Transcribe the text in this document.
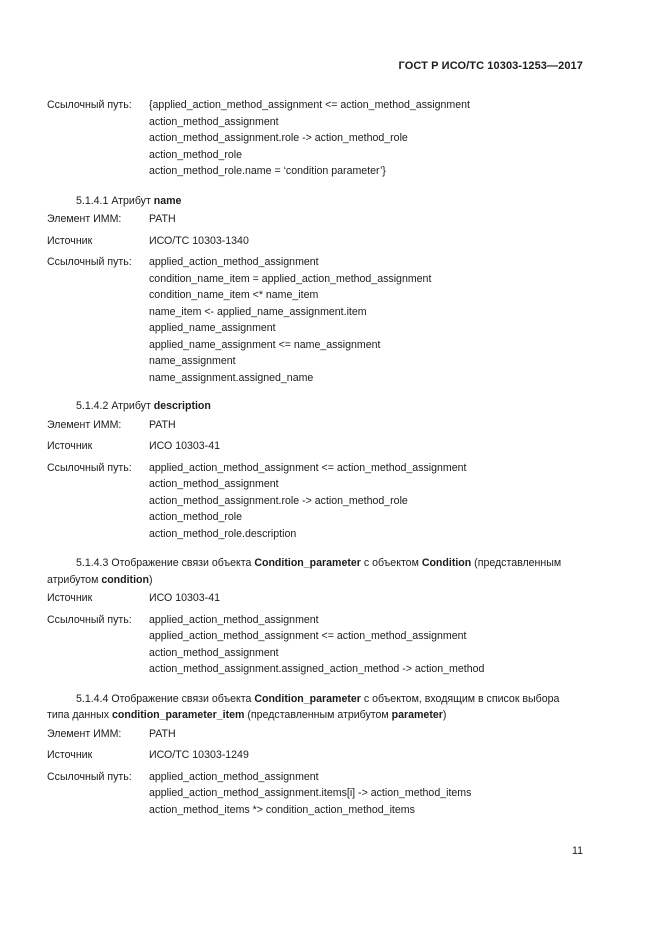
ГОСТ Р ИСО/ТС 10303-1253—2017
Ссылочный путь:	{applied_action_method_assignment <= action_method_assignment
action_method_assignment
action_method_assignment.role -> action_method_role
action_method_role
action_method_role.name = ‘condition parameter’}
5.1.4.1 Атрибут name
Элемент ИММ:	PATH
Источник	ИСО/ТС 10303-1340
Ссылочный путь:	applied_action_method_assignment
condition_name_item = applied_action_method_assignment
condition_name_item <* name_item
name_item <- applied_name_assignment.item
applied_name_assignment
applied_name_assignment <= name_assignment
name_assignment
name_assignment.assigned_name
5.1.4.2 Атрибут description
Элемент ИММ:	PATH
Источник	ИСО 10303-41
Ссылочный путь:	applied_action_method_assignment <= action_method_assignment
action_method_assignment
action_method_assignment.role -> action_method_role
action_method_role
action_method_role.description
5.1.4.3 Отображение связи объекта Condition_parameter с объектом Condition (представленным
атрибутом condition)
Источник	ИСО 10303-41
Ссылочный путь:	applied_action_method_assignment
applied_action_method_assignment <= action_method_assignment
action_method_assignment
action_method_assignment.assigned_action_method -> action_method
5.1.4.4 Отображение связи объекта Condition_parameter с объектом, входящим в список выбора
типа данных condition_parameter_item (представленным атрибутом parameter)
Элемент ИММ:	PATH
Источник	ИСО/ТС 10303-1249
Ссылочный путь:	applied_action_method_assignment
applied_action_method_assignment.items[i] -> action_method_items
action_method_items *> condition_action_method_items
11
